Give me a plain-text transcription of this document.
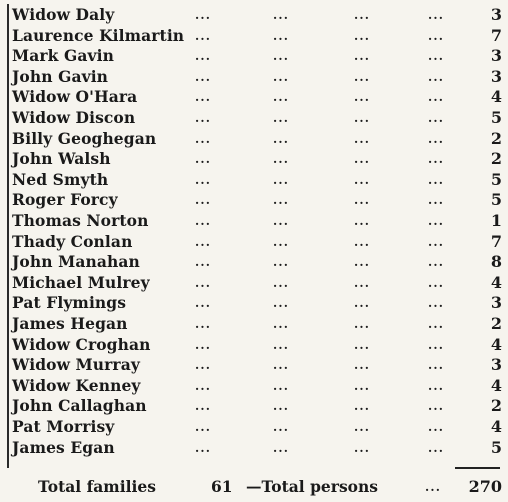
Widow Daly	...	...	...	...	3
Laurence Kilmartin ...	...	...	...	7
Mark Gavin	...	...	...	...	3
John Gavin	...	...	...	...	3
Widow O'Hara	...	...	...	...	4
Widow Discon	...	...	...	...	5
Billy Geoghegan	...	...	...	...	2
John Walsh	...	...	...	...	2
Ned Smyth	...	...	...	...	5
Roger Forcy	...	...	...	...	5
Thomas Norton	...	...	...	...	1
Thady Conlan	...	...	...	...	7
John Manahan	...	...	...	...	8
Michael Mulrey	...	...	...	...	4
Pat Flymings	...	...	...	...	3
James Hegan	...	...	...	...	2
Widow Croghan	...	...	...	...	4
Widow Murray	...	...	...	...	3
Widow Kenney	...	...	...	...	4
John Callaghan	...	...	...	...	2
Pat Morrisy	...	...	...	...	4
James Egan	...	...	...	...	5
Total families	61 —Total persons	... 270
